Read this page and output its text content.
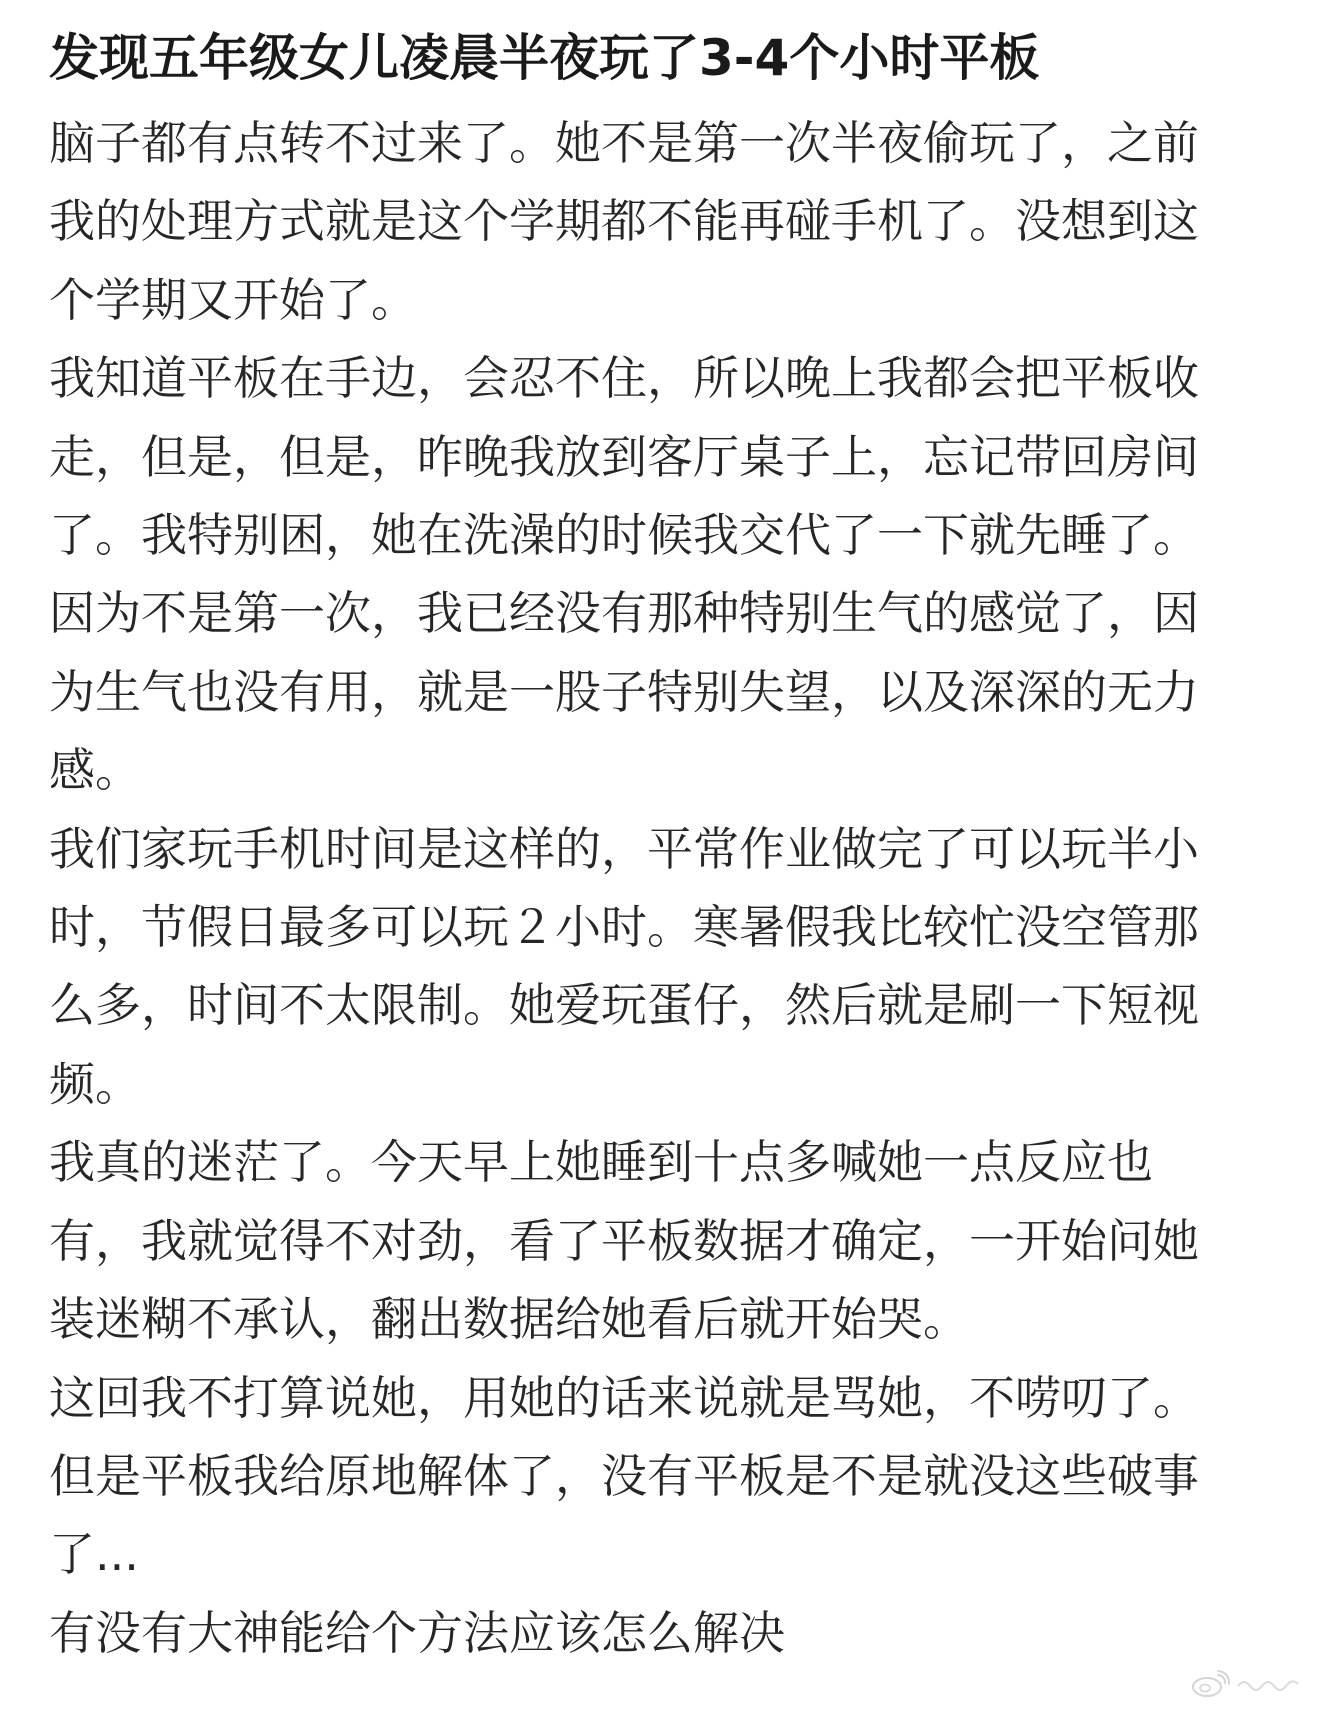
发现五年级女儿凌晨半夜玩了3-4个小时平板

脑子都有点转不过来了。她不是第一次半夜偷玩了，之前
我的处理方式就是这个学期都不能再碰手机了。没想到这
个学期又开始了。

我知道平板在手边，会忍不住，所以晚上我都会把平板收
走，但是，但是，昨晚我放到客厅桌子上，忘记带回房间
了。我特别困，她在洗澡的时候我交代了一下就先睡了。
因为不是第一次，我已经没有那种特别生气的感觉了，因
为生气也没有用，就是一股子特别失望，以及深深的无力
感。

我们家玩手机时间是这样的，平常作业做完了可以玩半小
时，节假日最多可以玩２小时。寒暑假我比较忙没空管那
么多，时间不太限制。她爱玩蛋仔，然后就是刷一下短视
频。

我真的迷茫了。今天早上她睡到十点多喊她一点反应也
有，我就觉得不对劲，看了平板数据才确定，一开始问她
装迷糊不承认，翻出数据给她看后就开始哭。

这回我不打算说她，用她的话来说就是骂她，不唠叨了。
但是平板我给原地解体了，没有平板是不是就没这些破事
了...

有没有大神能给个方法应该怎么解决
